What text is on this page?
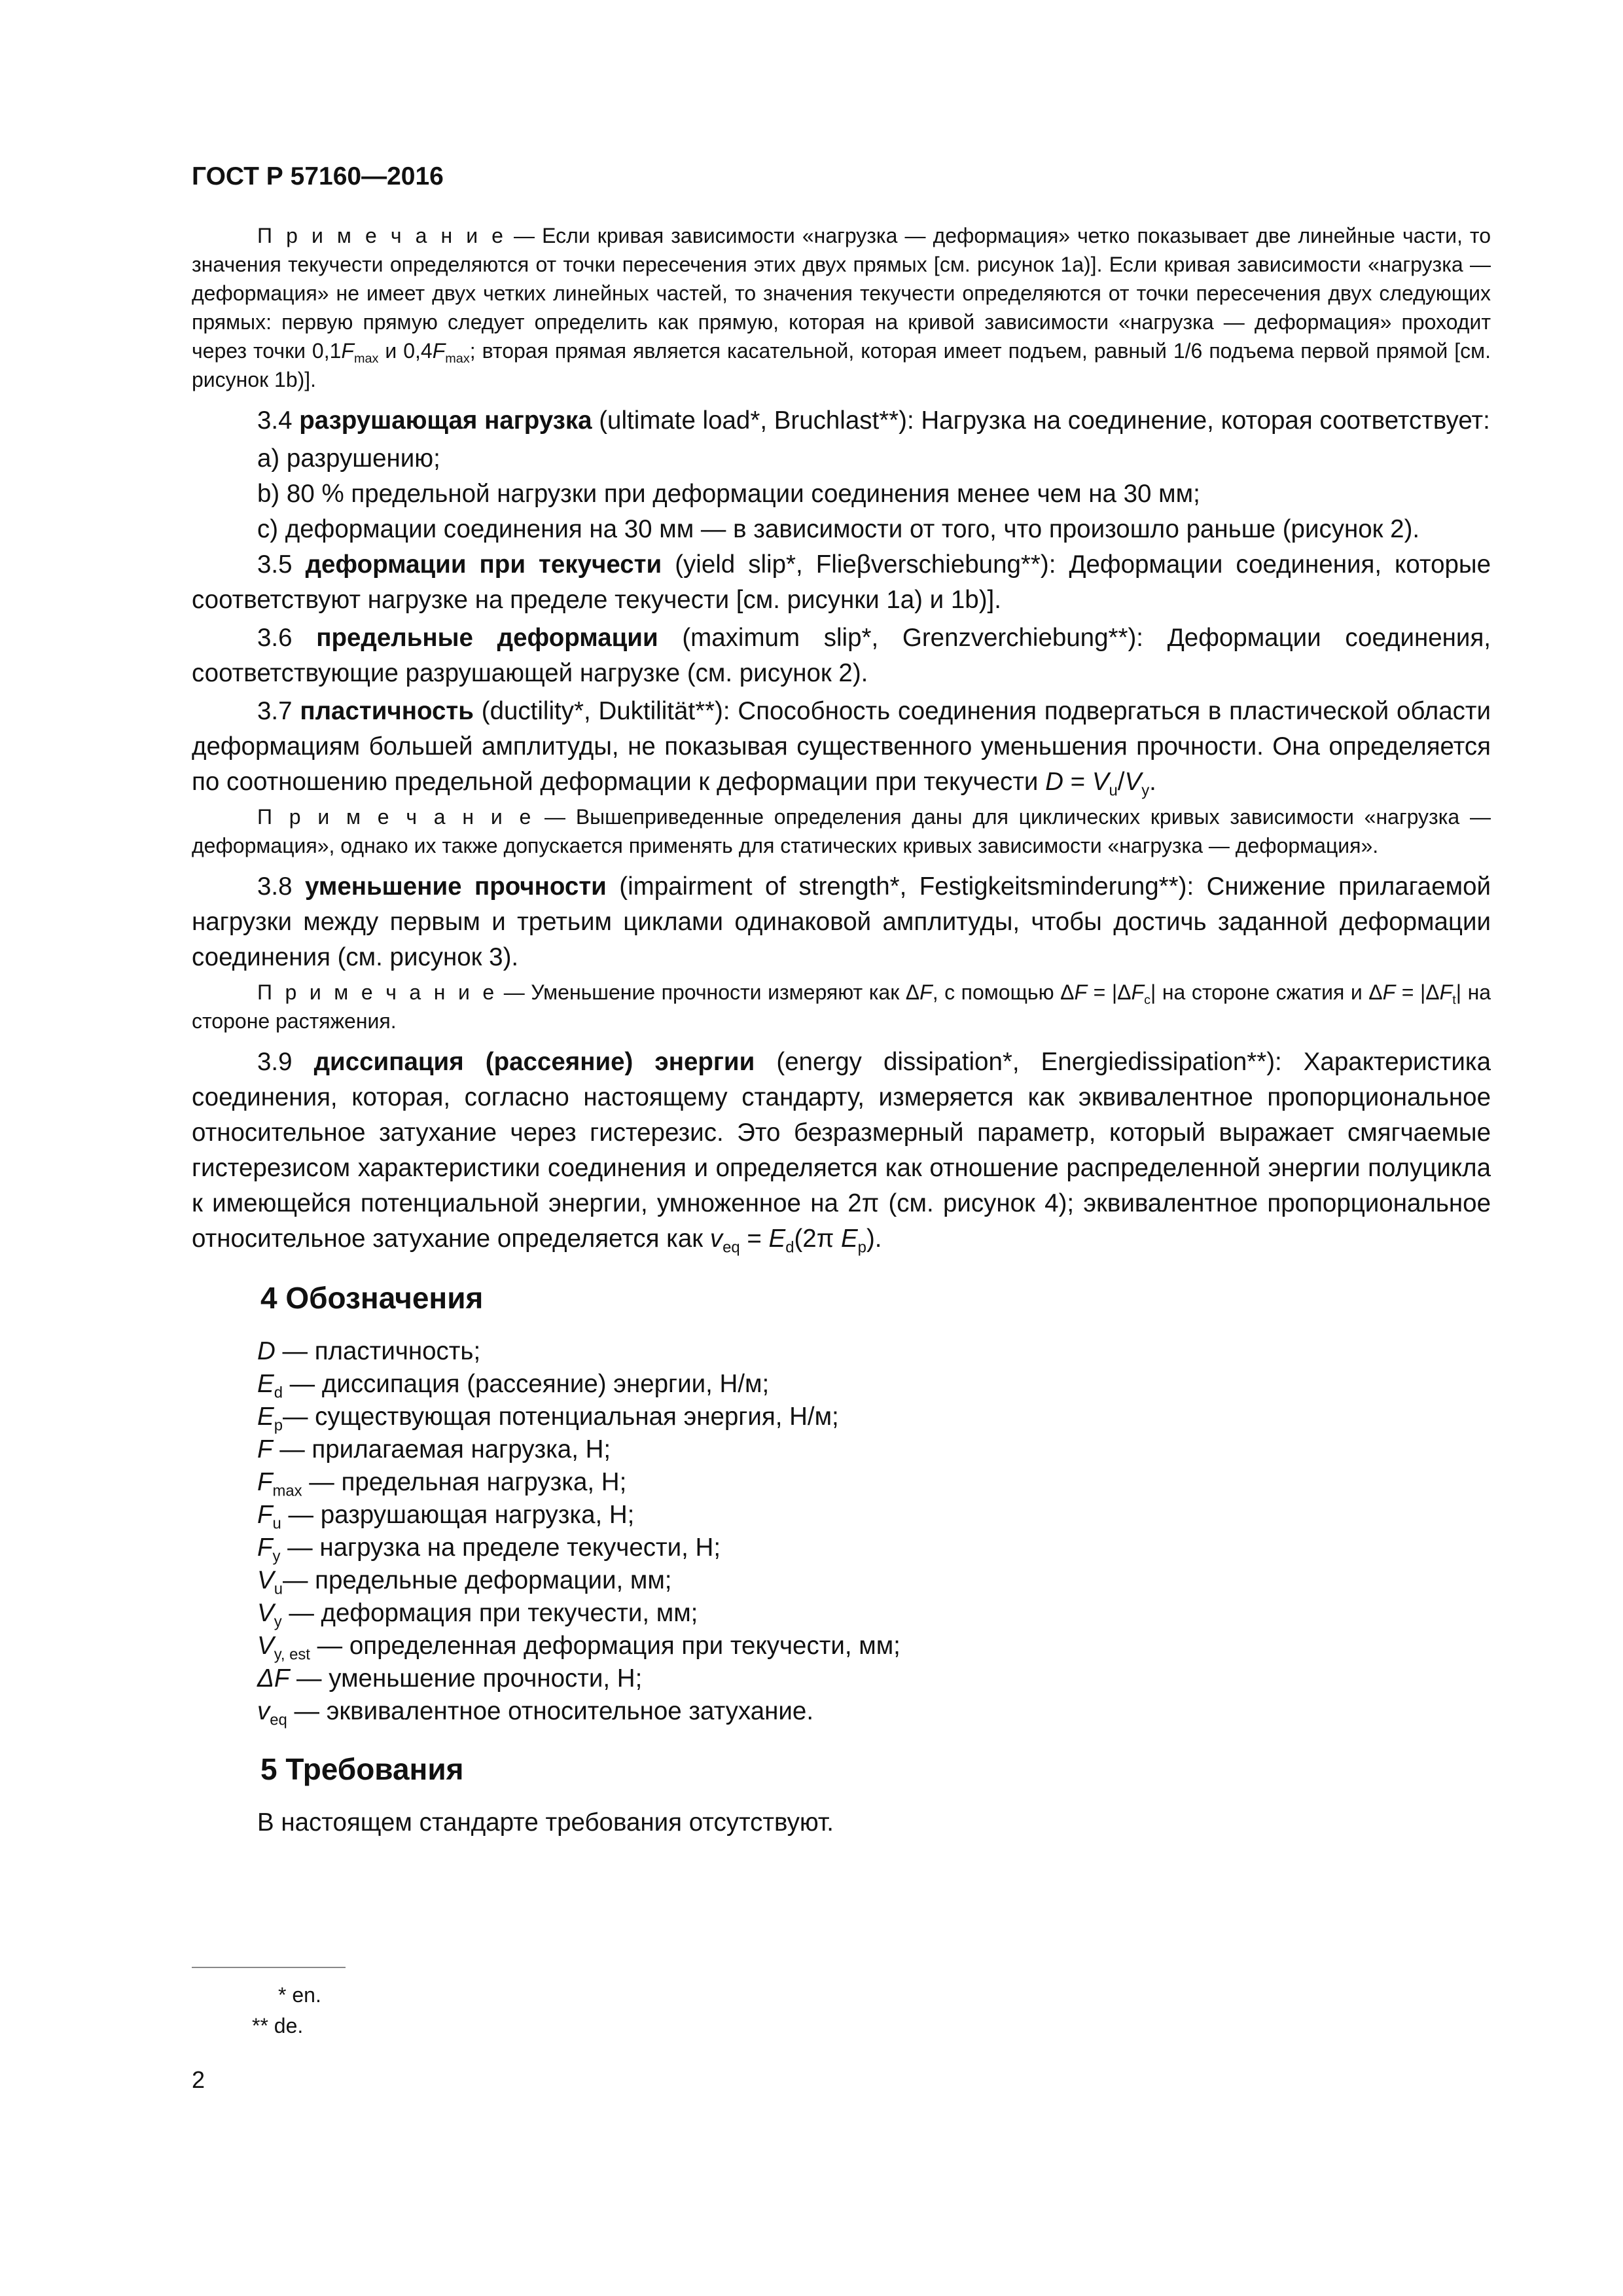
ГОСТ Р 57160—2016

П р и м е ч а н и е — Если кривая зависимости «нагрузка — деформация» четко показывает две линейные части, то значения текучести определяются от точки пересечения этих двух прямых [см. рисунок 1а)]. Если кривая зависимости «нагрузка — деформация» не имеет двух четких линейных частей, то значения текучести определяются от точки пересечения двух следующих прямых: первую прямую следует определить как прямую, которая на кривой зависимости «нагрузка — деформация» проходит через точки $0,1F_{max}$ и $0,4F_{max}$; вторая прямая является касательной, которая имеет подъем, равный 1/6 подъема первой прямой [см. рисунок 1b)].

3.4 разрушающая нагрузка (ultimate load*, Bruchlast**): Нагрузка на соединение, которая соответствует:

а) разрушению;

b) 80 % предельной нагрузки при деформации соединения менее чем на 30 мм;

с) деформации соединения на 30 мм — в зависимости от того, что произошло раньше (рисунок 2).

3.5 деформации при текучести (yield slip*, Flieβverschiebung**): Деформации соединения, которые соответствуют нагрузке на пределе текучести [см. рисунки 1а) и 1b)].

3.6 предельные деформации (maximum slip*, Grenzverchiebung**): Деформации соединения, соответствующие разрушающей нагрузке (см. рисунок 2).

3.7 пластичность (ductility*, Duktilität**): Способность соединения подвергаться в пластической области деформациям большей амплитуды, не показывая существенного уменьшения прочности. Она определяется по соотношению предельной деформации к деформации при текучести $D = V_u/V_y$.

П р и м е ч а н и е — Вышеприведенные определения даны для циклических кривых зависимости «нагрузка — деформация», однако их также допускается применять для статических кривых зависимости «нагрузка — деформация».

3.8 уменьшение прочности (impairment of strength*, Festigkeitsminderung**): Снижение прилагаемой нагрузки между первым и третьим циклами одинаковой амплитуды, чтобы достичь заданной деформации соединения (см. рисунок 3).

П р и м е ч а н и е — Уменьшение прочности измеряют как ΔF, с помощью $\Delta F = |\Delta F_c|$ на стороне сжатия и $\Delta F = |\Delta F_t|$ на стороне растяжения.

3.9 диссипация (рассеяние) энергии (energy dissipation*, Energiedissipation**): Характеристика соединения, которая, согласно настоящему стандарту, измеряется как эквивалентное пропорциональное относительное затухание через гистерезис. Это безразмерный параметр, который выражает смягчаемые гистерезисом характеристики соединения и определяется как отношение распределенной энергии полуцикла к имеющейся потенциальной энергии, умноженное на 2π (см. рисунок 4); эквивалентное пропорциональное относительное затухание определяется как $v_{eq} = E_d(2\pi$ $E_p$).

4 Обозначения

D — пластичность;

$E_d$ — диссипация (рассеяние) энергии, Н/м;

$E_p—$ существующая потенциальная энергия, Н/м;

F — прилагаемая нагрузка, Н;

$F_{max}$ — предельная нагрузка, Н;

$F_u$ — разрушающая нагрузка, Н;

$F_y$ — нагрузка на пределе текучести, Н;

$V_u—$ предельные деформации, мм;

$V_y$ — деформация при текучести, мм;

$V_{y, est}$ — определенная деформация при текучести, мм;

ΔF — уменьшение прочности, Н;

$v_{eq}$ — эквивалентное относительное затухание.

5 Требования

В настоящем стандарте требования отсутствуют.

* en.
** de.
2
